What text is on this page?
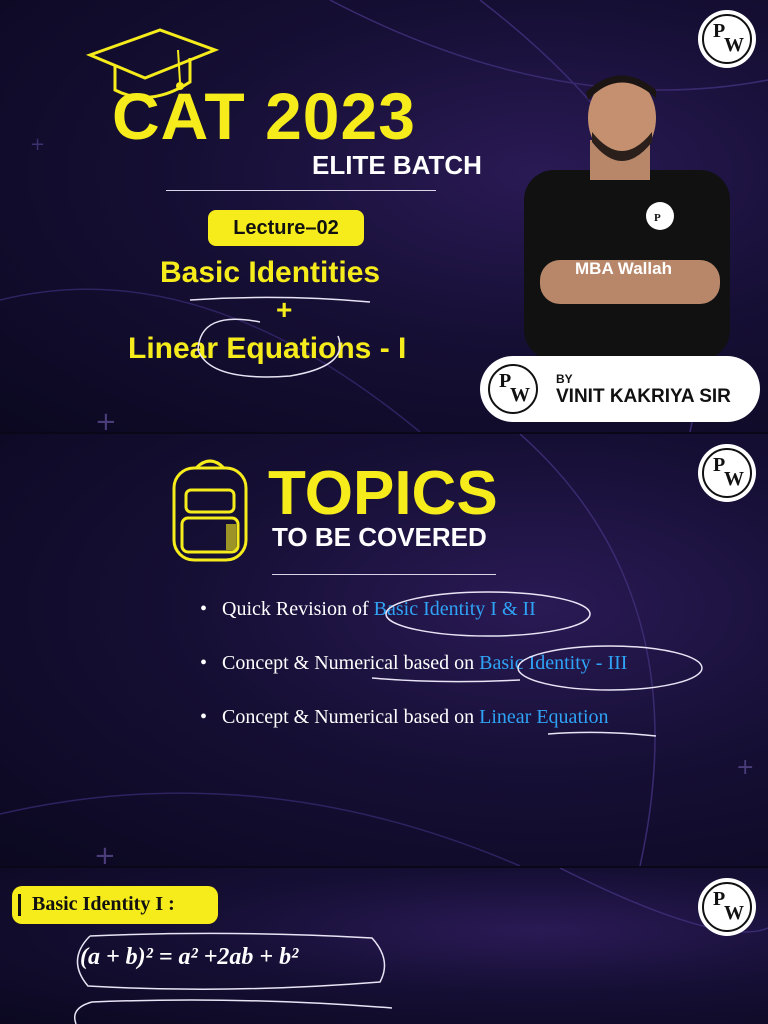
+
+ CAT 2023
ELITE BATCH
Lecture–02
Basic Identities
+
Linear Equations - I
P
MBA Wallah
P
W
BY
VINIT KAKRIYA SIR
P
W
+
+
TOPICS
TO BE COVERED
• Quick Revision of Basic Identity I & II
• Concept & Numerical based on Basic Identity - III
• Concept & Numerical based on Linear Equation
P
W
Basic Identity I :
(a + b)² = a² +2ab + b²
P
W
